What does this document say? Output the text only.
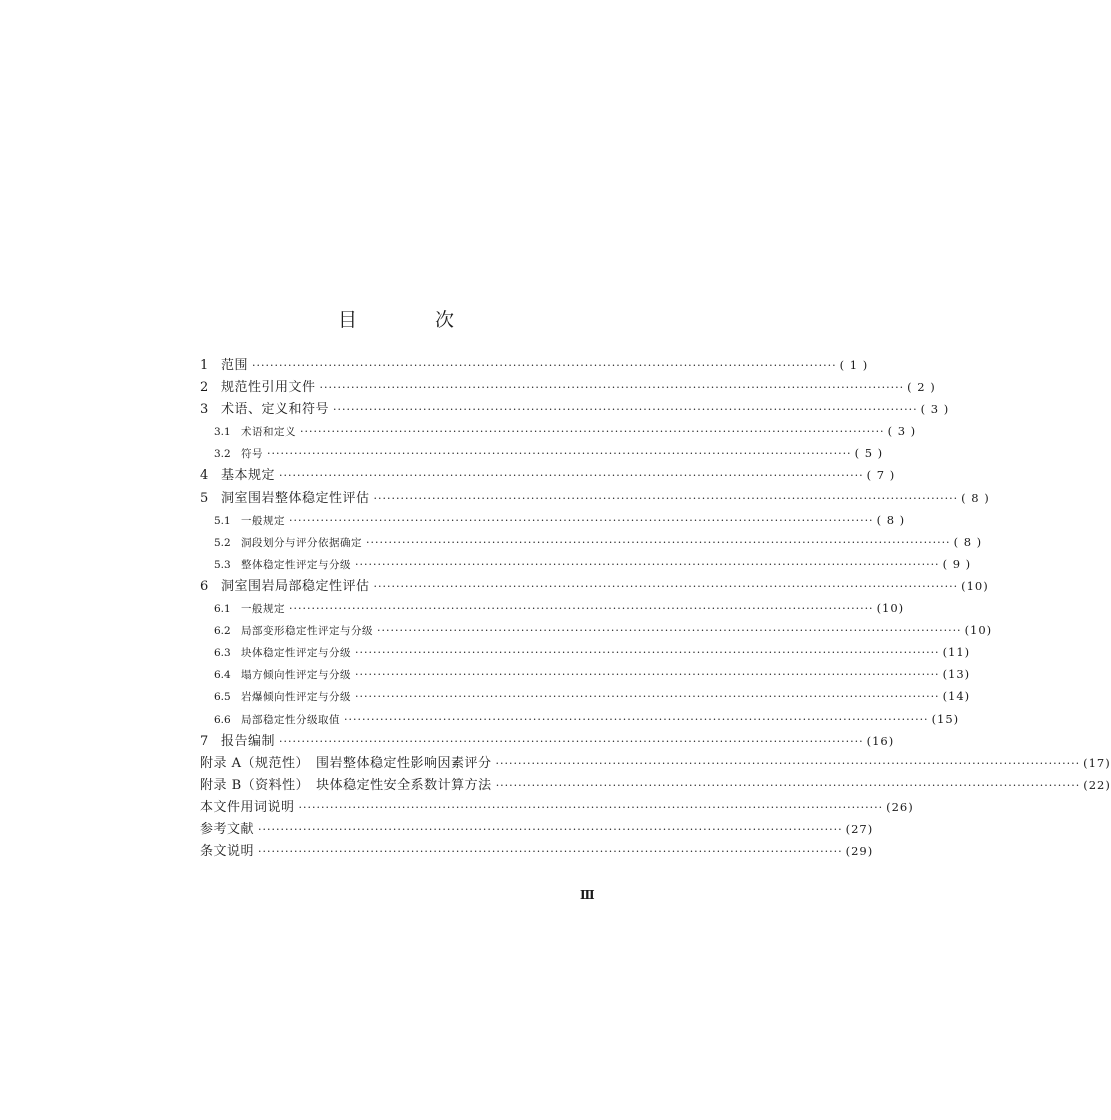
目 次
1 范围 ·································································································································· ( 1 )
2 规范性引用文件 ·································································································································· ( 2 )
3 术语、定义和符号 ·································································································································· ( 3 )
3.1 术语和定义 ·································································································································· ( 3 )
3.2 符号 ·································································································································· ( 5 )
4 基本规定 ·································································································································· ( 7 )
5 洞室围岩整体稳定性评估 ·································································································································· ( 8 )
5.1 一般规定 ·································································································································· ( 8 )
5.2 洞段划分与评分依据确定 ·································································································································· ( 8 )
5.3 整体稳定性评定与分级 ·································································································································· ( 9 )
6 洞室围岩局部稳定性评估 ·································································································································· (10)
6.1 一般规定 ·································································································································· (10)
6.2 局部变形稳定性评定与分级 ·································································································································· (10)
6.3 块体稳定性评定与分级 ·································································································································· (11)
6.4 塌方倾向性评定与分级 ·································································································································· (13)
6.5 岩爆倾向性评定与分级 ·································································································································· (14)
6.6 局部稳定性分级取值 ·································································································································· (15)
7 报告编制 ·································································································································· (16)
附录 A（规范性）　围岩整体稳定性影响因素评分 ·································································································································· (17)
附录 B（资料性）　块体稳定性安全系数计算方法 ·································································································································· (22)
本文件用词说明 ·································································································································· (26)
参考文献 ·································································································································· (27)
条文说明 ·································································································································· (29)
Ⅲ
